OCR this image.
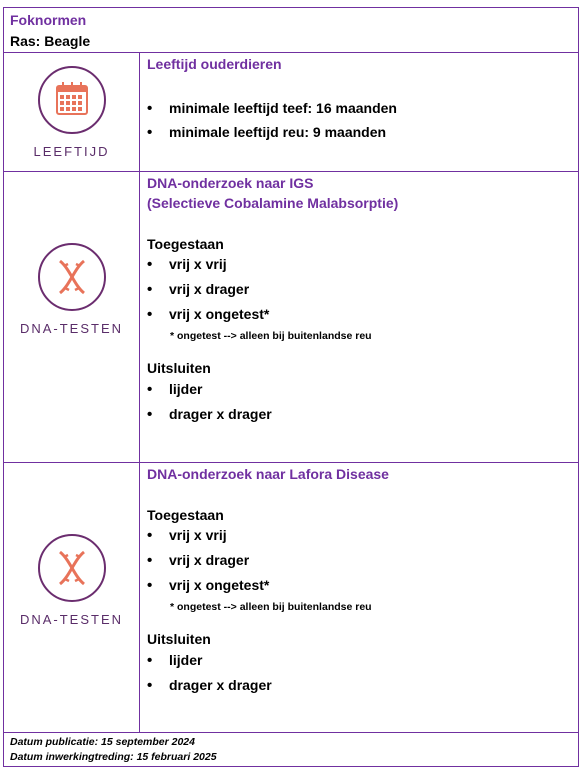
Foknormen
Ras: Beagle
LEEFTIJD
Leeftijd ouderdieren
• minimale leeftijd teef: 16 maanden
• minimale leeftijd reu: 9 maanden
DNA-TESTEN
DNA-onderzoek naar IGS
(Selectieve Cobalamine Malabsorptie)
Toegestaan
• vrij x vrij
• vrij x drager
• vrij x ongetest*
* ongetest --> alleen bij buitenlandse reu
Uitsluiten
• lijder
• drager x drager
DNA-TESTEN
DNA-onderzoek naar Lafora Disease
Toegestaan
• vrij x vrij
• vrij x drager
• vrij x ongetest*
* ongetest --> alleen bij buitenlandse reu
Uitsluiten
• lijder
• drager x drager
Datum publicatie: 15 september 2024
Datum inwerkingtreding: 15 februari 2025
